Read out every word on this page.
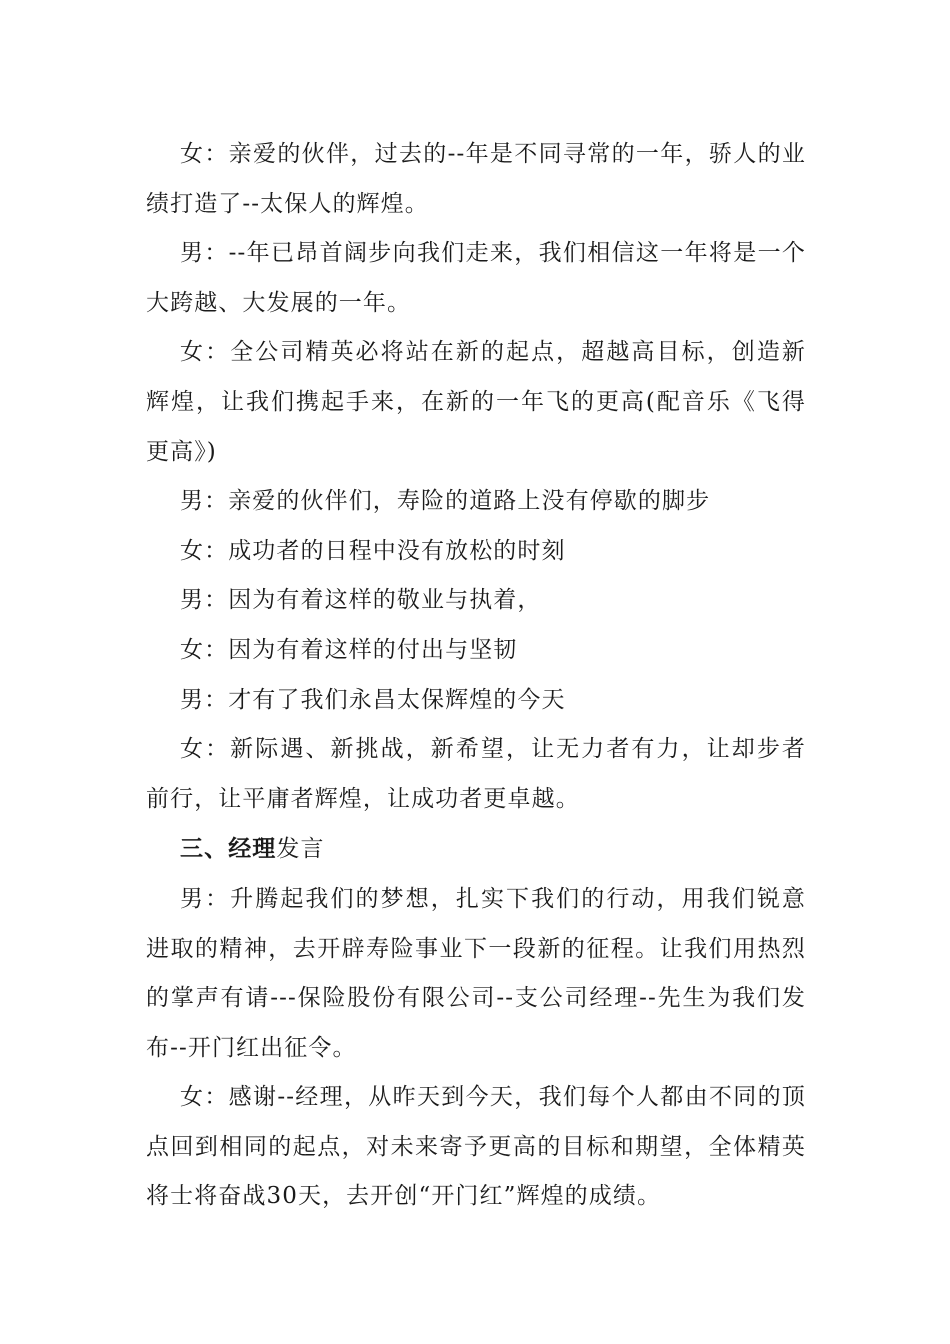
女：亲爱的伙伴，过去的--年是不同寻常的一年，骄人的业绩打造了--太保人的辉煌。

男：--年已昂首阔步向我们走来，我们相信这一年将是一个大跨越、大发展的一年。

女：全公司精英必将站在新的起点，超越高目标，创造新辉煌，让我们携起手来，在新的一年飞的更高(配音乐《飞得更高》)

男：亲爱的伙伴们，寿险的道路上没有停歇的脚步

女：成功者的日程中没有放松的时刻

男：因为有着这样的敬业与执着，

女：因为有着这样的付出与坚韧

男：才有了我们永昌太保辉煌的今天

女：新际遇、新挑战，新希望，让无力者有力，让却步者前行，让平庸者辉煌，让成功者更卓越。

三、经理发言

男：升腾起我们的梦想，扎实下我们的行动，用我们锐意进取的精神，去开辟寿险事业下一段新的征程。让我们用热烈的掌声有请---保险股份有限公司--支公司经理--先生为我们发布--开门红出征令。

女：感谢--经理，从昨天到今天，我们每个人都由不同的顶点回到相同的起点，对未来寄予更高的目标和期望，全体精英将士将奋战30天，去开创“开门红”辉煌的成绩。
